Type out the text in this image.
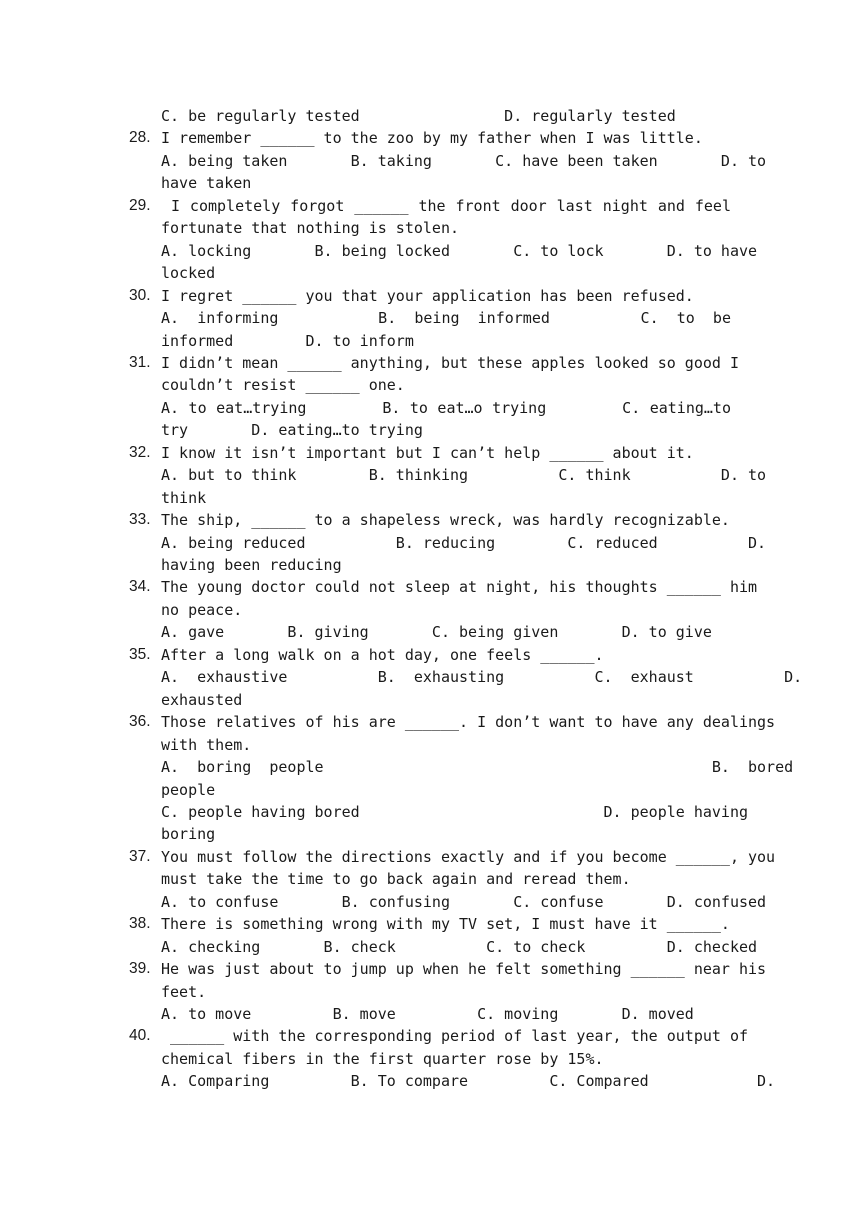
C. be regularly tested                D. regularly tested
28. I remember ______ to the zoo by my father when I was little.
A. being taken       B. taking       C. have been taken       D. to
have taken
29. I completely forgot ______ the front door last night and feel
fortunate that nothing is stolen.
A. locking       B. being locked       C. to lock       D. to have
locked
30. I regret ______ you that your application has been refused.
A.  informing           B.  being  informed          C.  to  be
informed        D. to inform
31. I didn’t mean ______ anything, but these apples looked so good I
couldn’t resist ______ one.
A. to eat…trying        B. to eat…o trying        C. eating…to
try       D. eating…to trying
32. I know it isn’t important but I can’t help ______ about it.
A. but to think        B. thinking          C. think          D. to
think
33. The ship, ______ to a shapeless wreck, was hardly recognizable.
A. being reduced          B. reducing        C. reduced          D.
having been reducing
34. The young doctor could not sleep at night, his thoughts ______ him
no peace.
A. gave       B. giving       C. being given       D. to give
35. After a long walk on a hot day, one feels ______.
A.  exhaustive          B.  exhausting          C.  exhaust          D.
exhausted
36. Those relatives of his are ______. I don’t want to have any dealings
with them.
A.  boring  people                                           B.  bored
people
C. people having bored                           D. people having
boring
37. You must follow the directions exactly and if you become ______, you
must take the time to go back again and reread them.
A. to confuse       B. confusing       C. confuse       D. confused
38. There is something wrong with my TV set, I must have it ______.
A. checking       B. check          C. to check         D. checked
39. He was just about to jump up when he felt something ______ near his
feet.
A. to move         B. move         C. moving       D. moved
40. ______ with the corresponding period of last year, the output of
chemical fibers in the first quarter rose by 15%.
A. Comparing         B. To compare         C. Compared            D.
